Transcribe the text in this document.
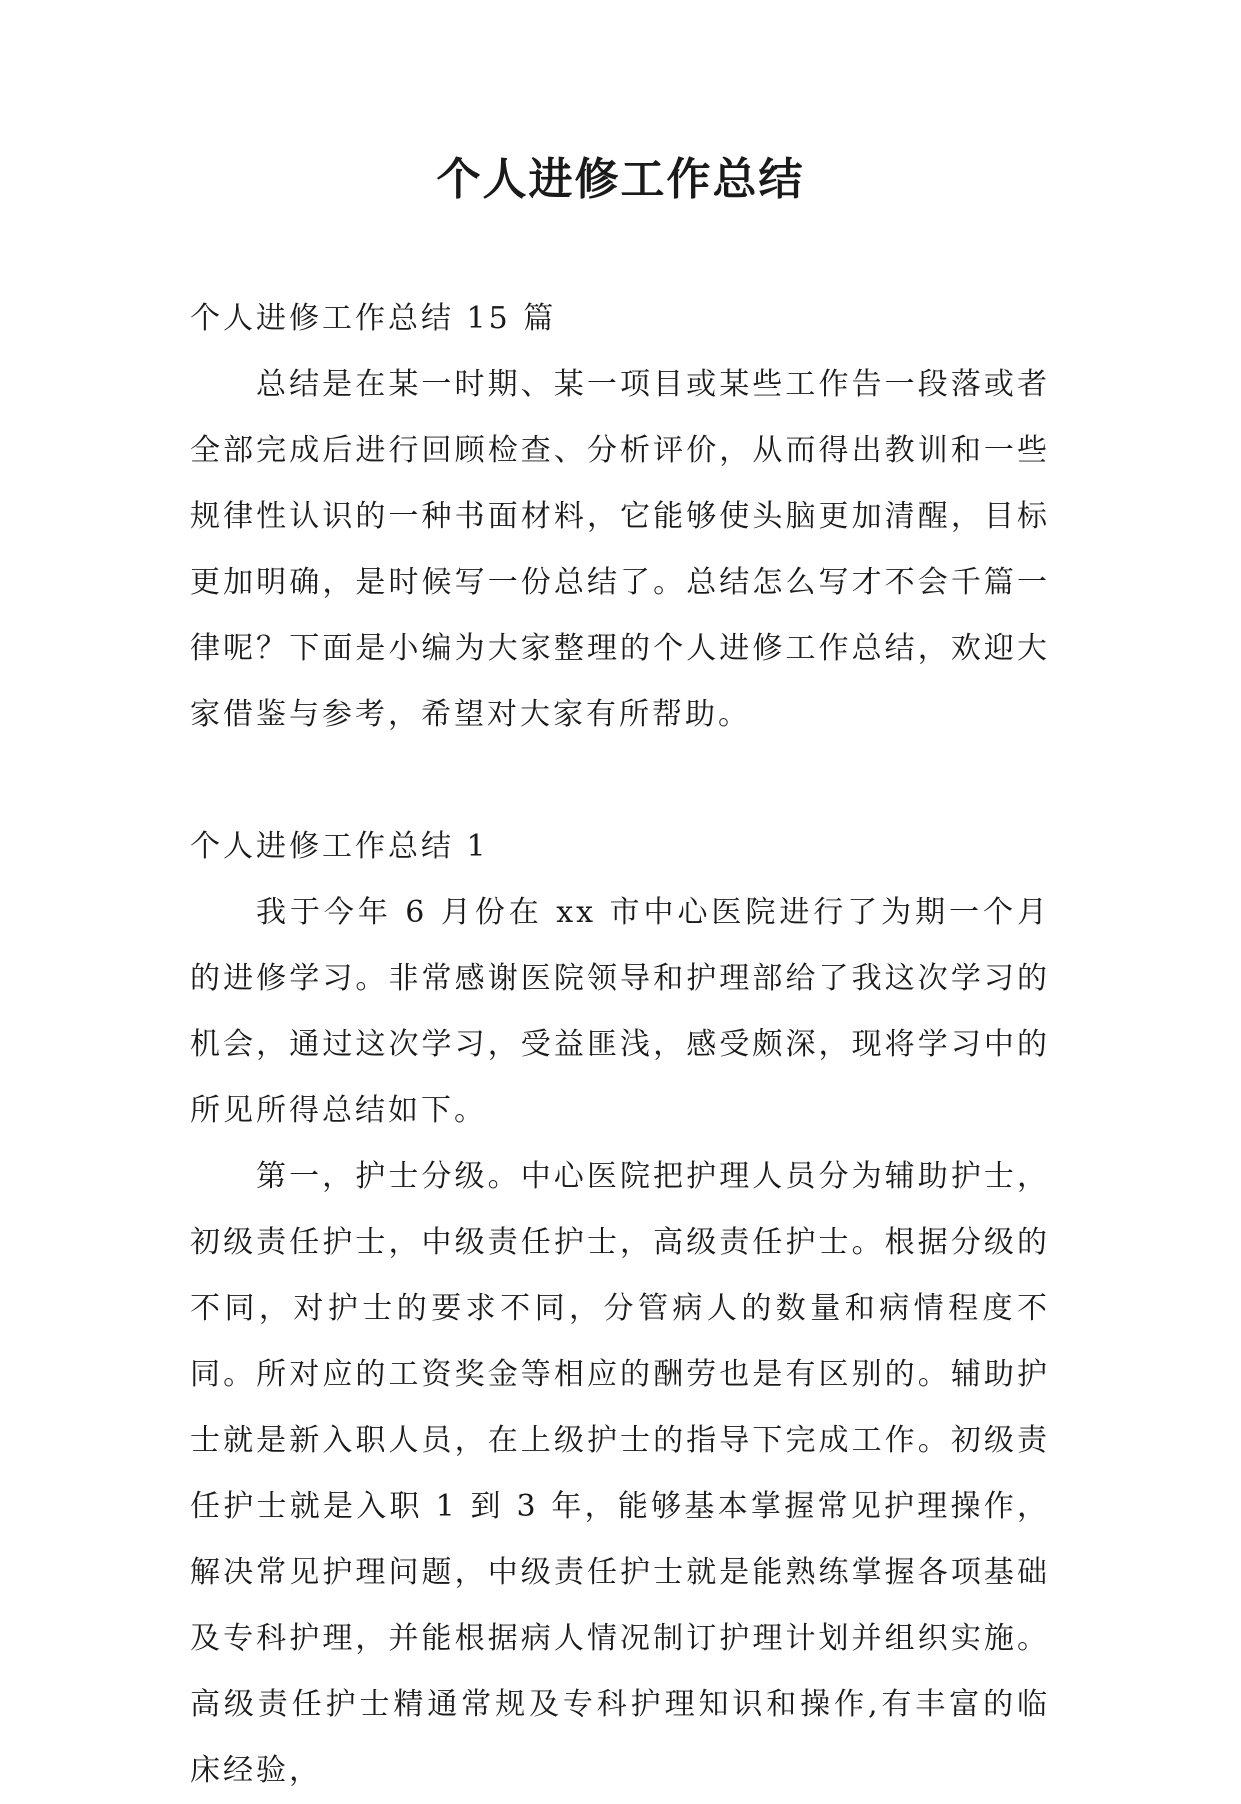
个人进修工作总结

个人进修工作总结 15 篇

总结是在某一时期、某一项目或某些工作告一段落或者全部完成后进行回顾检查、分析评价，从而得出教训和一些规律性认识的一种书面材料，它能够使头脑更加清醒，目标更加明确，是时候写一份总结了。总结怎么写才不会千篇一律呢？下面是小编为大家整理的个人进修工作总结，欢迎大家借鉴与参考，希望对大家有所帮助。

个人进修工作总结 1

我于今年 6 月份在 xx 市中心医院进行了为期一个月的进修学习。非常感谢医院领导和护理部给了我这次学习的机会，通过这次学习，受益匪浅，感受颇深，现将学习中的所见所得总结如下。

第一，护士分级。中心医院把护理人员分为辅助护士，初级责任护士，中级责任护士，高级责任护士。根据分级的不同，对护士的要求不同，分管病人的数量和病情程度不同。所对应的工资奖金等相应的酬劳也是有区别的。辅助护士就是新入职人员，在上级护士的指导下完成工作。初级责任护士就是入职 1 到 3 年，能够基本掌握常见护理操作，解决常见护理问题，中级责任护士就是能熟练掌握各项基础及专科护理，并能根据病人情况制订护理计划并组织实施。高级责任护士精通常规及专科护理知识和操作,有丰富的临床经验，
